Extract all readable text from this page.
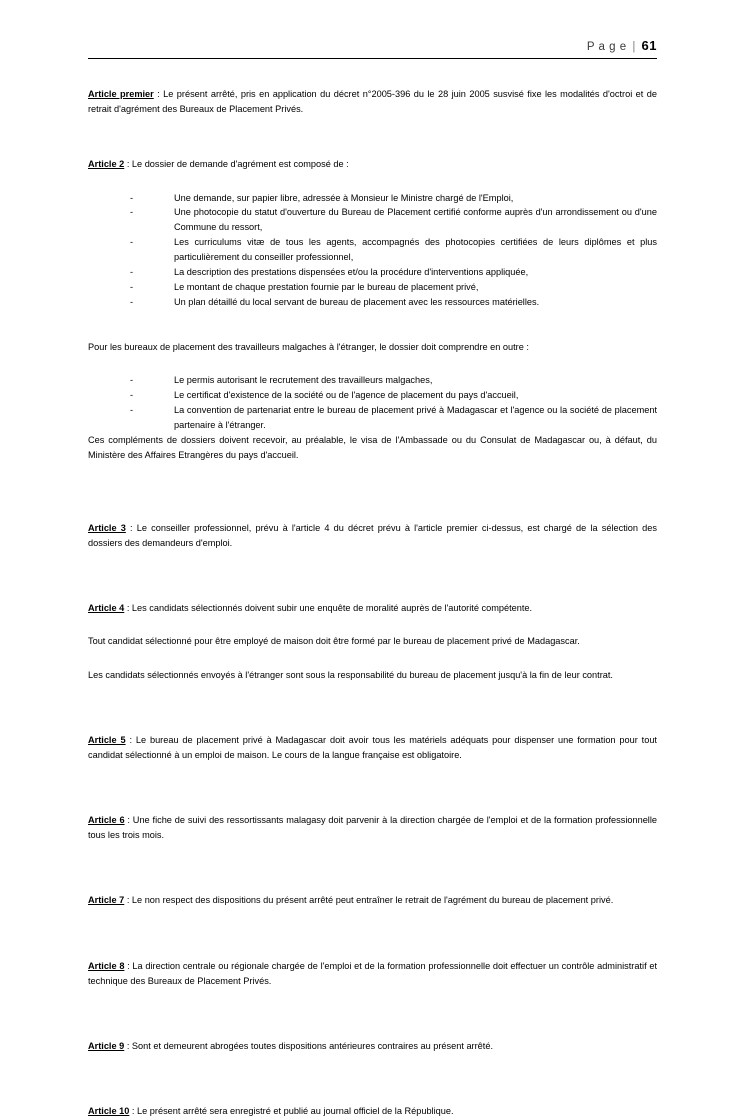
P a g e | 61

Article premier : Le présent arrêté, pris en application du décret n°2005-396 du le 28 juin 2005 susvisé fixe les modalités d'octroi et de retrait d'agrément des Bureaux de Placement Privés.

Article 2 : Le dossier de demande d'agrément est composé de :

-	Une demande, sur papier libre, adressée à Monsieur le Ministre chargé de l'Emploi,
-	Une photocopie du statut d'ouverture du Bureau de Placement certifié conforme auprès d'un arrondissement ou d'une Commune du ressort,
-	Les curriculums vitæ de tous les agents, accompagnés des photocopies certifiées de leurs diplômes et plus particulièrement du conseiller professionnel,
-	La description des prestations dispensées et/ou la procédure d'interventions appliquée,
-	Le montant de chaque prestation fournie par le bureau de placement privé,
-	Un plan détaillé du local servant de bureau de placement avec les ressources matérielles.

Pour les bureaux de placement des travailleurs malgaches à l'étranger, le dossier doit comprendre en outre :

-	Le permis autorisant le recrutement des travailleurs malgaches,
-	Le certificat d'existence de la société ou de l'agence de placement du pays d'accueil,
-	La convention de partenariat entre le bureau de placement privé à Madagascar et l'agence ou la société de placement partenaire à l'étranger.

Ces compléments de dossiers doivent recevoir, au préalable, le visa de l'Ambassade ou du Consulat de Madagascar ou, à défaut, du Ministère des Affaires Etrangères du pays d'accueil.

Article 3 : Le conseiller professionnel, prévu à l'article 4 du décret prévu à l'article premier ci-dessus, est chargé de la sélection des dossiers des demandeurs d'emploi.

Article 4 : Les candidats sélectionnés doivent subir une enquête de moralité auprès de l'autorité compétente.

Tout candidat sélectionné pour être employé de maison doit être formé par le bureau de placement privé de Madagascar.

Les candidats sélectionnés envoyés à l'étranger sont sous la responsabilité du bureau de placement jusqu'à la fin de leur contrat.

Article 5 : Le bureau de placement privé à Madagascar doit avoir tous les matériels adéquats pour dispenser une formation pour tout candidat sélectionné à un emploi de maison. Le cours de la langue française est obligatoire.

Article 6 : Une fiche de suivi des ressortissants malagasy doit parvenir à la direction chargée de l'emploi et de la formation professionnelle tous les trois mois.

Article 7 : Le non respect des dispositions du présent arrêté peut entraîner le retrait de l'agrément du bureau de placement privé.

Article 8 : La direction centrale ou régionale chargée de l'emploi et de la formation professionnelle doit effectuer un contrôle administratif et technique des Bureaux de Placement Privés.

Article 9 : Sont et demeurent abrogées toutes dispositions antérieures contraires au présent arrêté.

Article 10 : Le présent arrêté sera enregistré et publié au journal officiel de la République.
